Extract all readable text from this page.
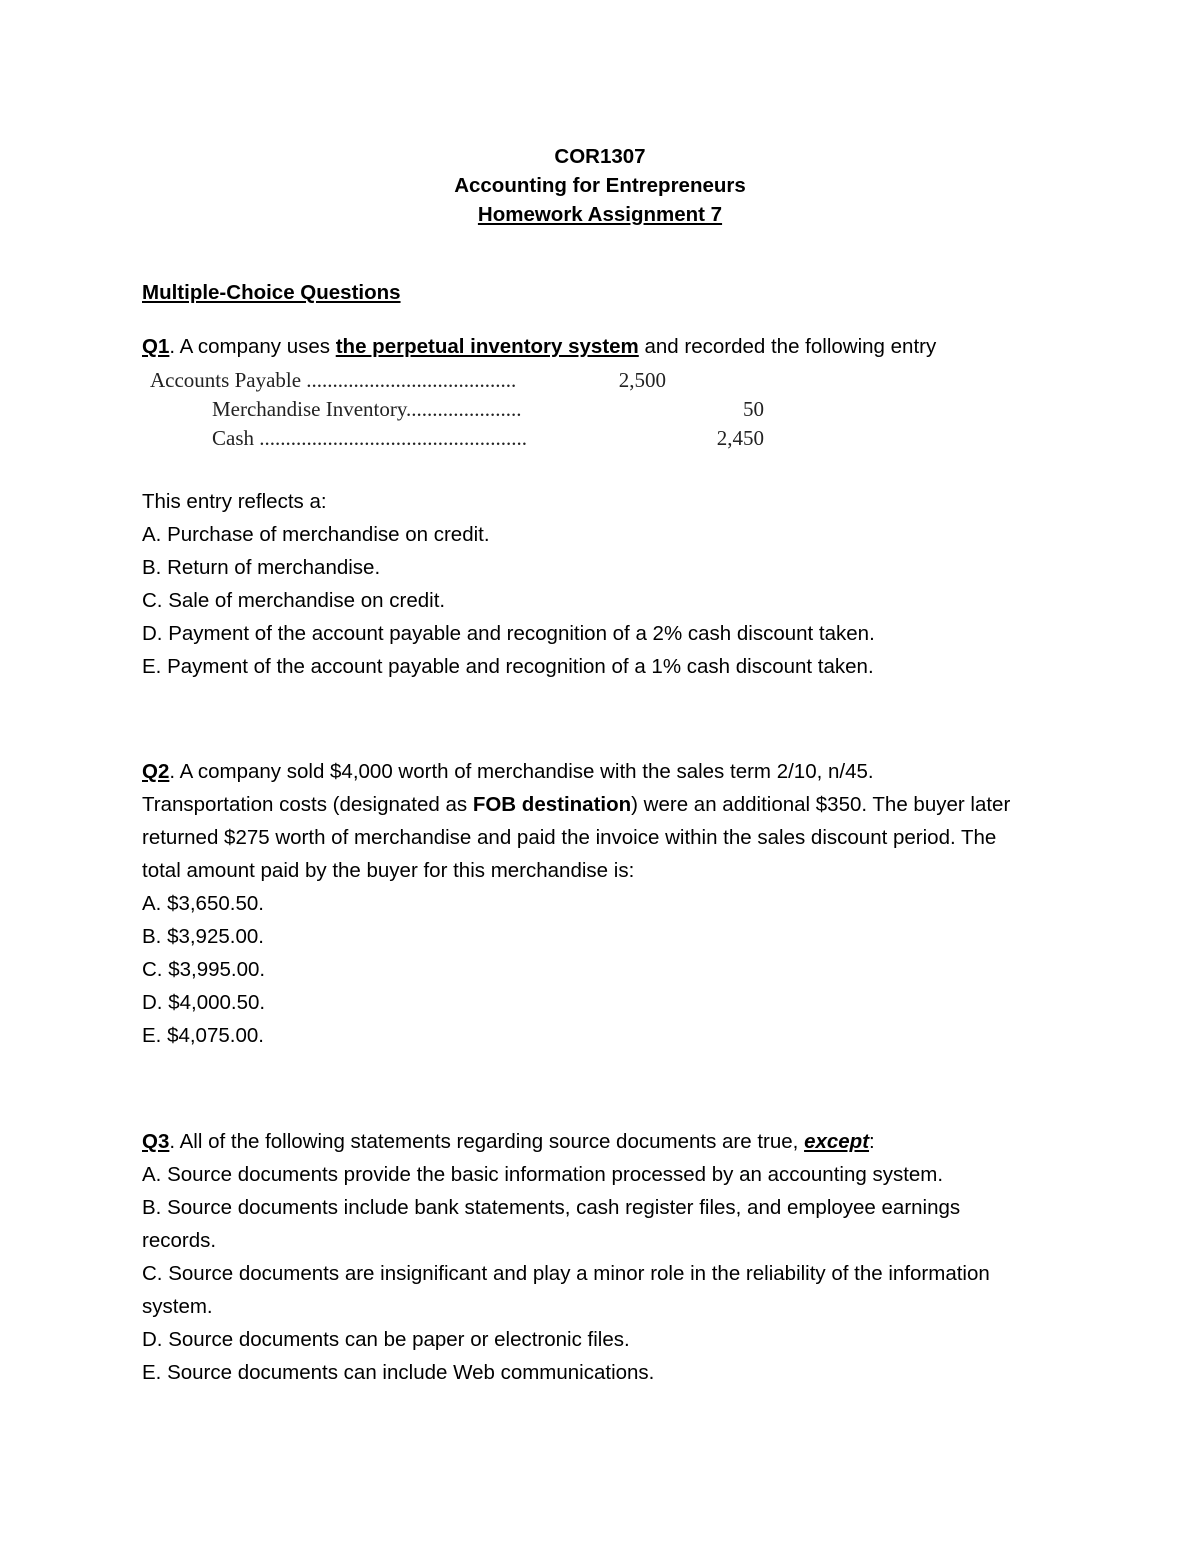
COR1307
Accounting for Entrepreneurs
Homework Assignment 7
Multiple-Choice Questions
Q1. A company uses the perpetual inventory system and recorded the following entry
Accounts Payable ........................................	2,500
Merchandise Inventory......................	50
Cash ...................................................	2,450
This entry reflects a:
A. Purchase of merchandise on credit.
B. Return of merchandise.
C. Sale of merchandise on credit.
D. Payment of the account payable and recognition of a 2% cash discount taken.
E. Payment of the account payable and recognition of a 1% cash discount taken.
Q2. A company sold $4,000 worth of merchandise with the sales term 2/10, n/45.
Transportation costs (designated as FOB destination) were an additional $350. The buyer later
returned $275 worth of merchandise and paid the invoice within the sales discount period. The
total amount paid by the buyer for this merchandise is:
A. $3,650.50.
B. $3,925.00.
C. $3,995.00.
D. $4,000.50.
E. $4,075.00.
Q3. All of the following statements regarding source documents are true, except:
A. Source documents provide the basic information processed by an accounting system.
B. Source documents include bank statements, cash register files, and employee earnings
records.
C. Source documents are insignificant and play a minor role in the reliability of the information
system.
D. Source documents can be paper or electronic files.
E. Source documents can include Web communications.
